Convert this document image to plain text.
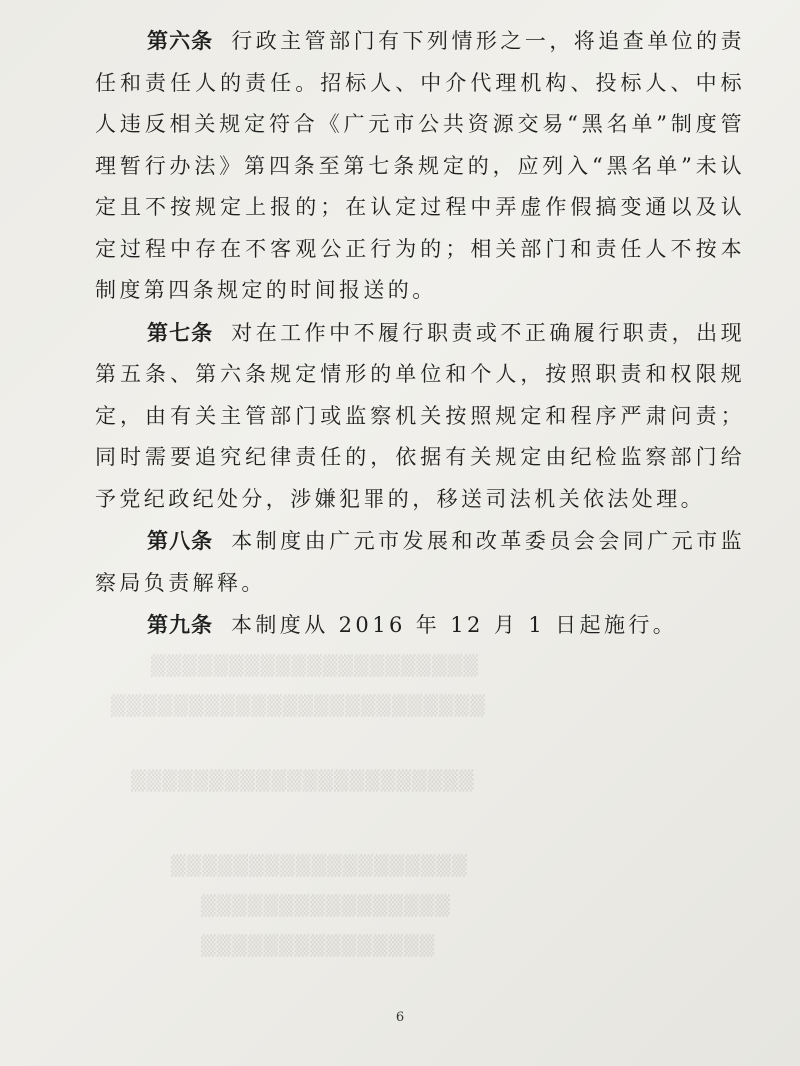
▒▒▒▒▒▒▒▒▒▒▒▒▒▒▒▒▒▒▒▒▒
▒▒▒▒▒▒▒▒▒▒▒▒▒▒▒▒▒▒▒▒▒▒▒▒
▒▒▒▒▒▒▒▒▒▒▒▒▒▒▒▒▒▒▒▒▒▒
▒▒▒▒▒▒▒▒▒▒▒▒▒▒▒▒▒▒▒
▒▒▒▒▒▒▒▒▒▒▒▒▒▒▒▒
▒▒▒▒▒▒▒▒▒▒▒▒▒▒▒

第六条 行政主管部门有下列情形之一，将追查单位的责任和责任人的责任。招标人、中介代理机构、投标人、中标人违反相关规定符合《广元市公共资源交易“黑名单”制度管理暂行办法》第四条至第七条规定的，应列入“黑名单”未认定且不按规定上报的；在认定过程中弄虚作假搞变通以及认定过程中存在不客观公正行为的；相关部门和责任人不按本制度第四条规定的时间报送的。

第七条 对在工作中不履行职责或不正确履行职责，出现第五条、第六条规定情形的单位和个人，按照职责和权限规定，由有关主管部门或监察机关按照规定和程序严肃问责；同时需要追究纪律责任的，依据有关规定由纪检监察部门给予党纪政纪处分，涉嫌犯罪的，移送司法机关依法处理。

第八条 本制度由广元市发展和改革委员会会同广元市监察局负责解释。

第九条 本制度从 2016 年 12 月 1 日起施行。

6
